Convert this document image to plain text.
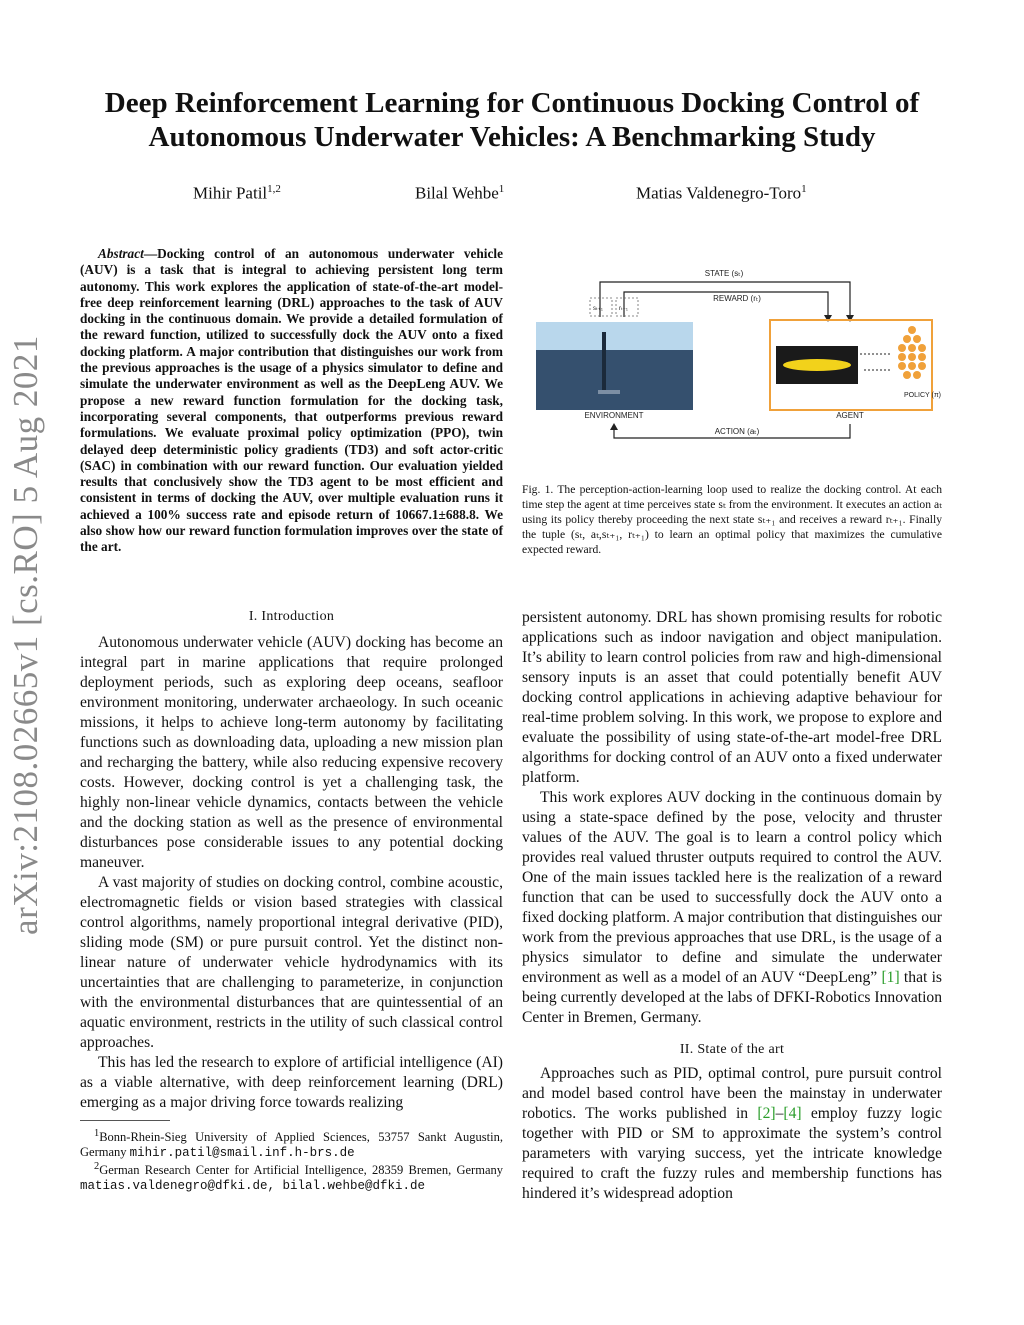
arXiv:2108.02665v1 [cs.RO] 5 Aug 2021
Deep Reinforcement Learning for Continuous Docking Control of
Autonomous Underwater Vehicles: A Benchmarking Study
Mihir Patil$^{1,2}$	Bilal Wehbe$^1$	Matias Valdenegro-Toro$^1$
Abstract—Docking control of an autonomous underwater vehicle (AUV) is a task that is integral to achieving persistent long term autonomy. This work explores the application of state-of-the-art model-free deep reinforcement learning (DRL) approaches to the task of AUV docking in the continuous domain. We provide a detailed formulation of the reward function, utilized to successfully dock the AUV onto a fixed docking platform. A major contribution that distinguishes our work from the previous approaches is the usage of a physics simulator to define and simulate the underwater environment as well as the DeepLeng AUV. We propose a new reward function formulation for the docking task, incorporating several components, that outperforms previous reward formulations. We evaluate proximal policy optimization (PPO), twin delayed deep deterministic policy gradients (TD3) and soft actor-critic (SAC) in combination with our reward function. Our evaluation yielded results that conclusively show the TD3 agent to be most efficient and consistent in terms of docking the AUV, over multiple evaluation runs it achieved a 100% success rate and episode return of 10667.1±688.8. We also show how our reward function formulation improves over the state of the art.
I. Introduction

Autonomous underwater vehicle (AUV) docking has become an integral part in marine applications that require prolonged deployment periods, such as exploring deep oceans, seafloor environment monitoring, underwater archaeology. In such oceanic missions, it helps to achieve long-term autonomy by facilitating functions such as downloading data, uploading a new mission plan and recharging the battery, while also reducing expensive recovery costs. However, docking control is yet a challenging task, the highly non-linear vehicle dynamics, contacts between the vehicle and the docking station as well as the presence of environmental disturbances pose considerable issues to any potential docking maneuver.

A vast majority of studies on docking control, combine acoustic, electromagnetic fields or vision based strategies with classical control algorithms, namely proportional integral derivative (PID), sliding mode (SM) or pure pursuit control. Yet the distinct non-linear nature of underwater vehicle hydrodynamics with its uncertainties that are challenging to parameterize, in conjunction with the environmental disturbances that are quintessential of an aquatic environment, restricts in the utility of such classical control approaches.

This has led the research to explore of artificial intelligence (AI) as a viable alternative, with deep reinforcement learning (DRL) emerging as a major driving force towards realizing

$^1$Bonn-Rhein-Sieg University of Applied Sciences, 53757 Sankt Augustin, Germany mihir.patil@smail.inf.h-brs.de
$^2$German Research Center for Artificial Intelligence, 28359 Bremen, Germany matias.valdenegro@dfki.de, bilal.wehbe@dfki.de
STATE (sₜ)
REWARD (rₜ)
sₜ₊₁	rₜ₊₁
ENVIRONMENT
POLICY (π)
AGENT
ACTION (aₜ)
Fig. 1. The perception-action-learning loop used to realize the docking control. At each time step the agent at time perceives state sₜ from the environment. It executes an action aₜ using its policy thereby proceeding the next state sₜ₊₁ and receives a reward rₜ₊₁. Finally the tuple (sₜ, aₜ,sₜ₊₁, rₜ₊₁) to learn an optimal policy that maximizes the cumulative expected reward.

persistent autonomy. DRL has shown promising results for robotic applications such as indoor navigation and object manipulation. It’s ability to learn control policies from raw and high-dimensional sensory inputs is an asset that could potentially benefit AUV docking control applications in achieving adaptive behaviour for real-time problem solving. In this work, we propose to explore and evaluate the possibility of using state-of-the-art model-free DRL algorithms for docking control of an AUV onto a fixed underwater platform.

This work explores AUV docking in the continuous domain by using a state-space defined by the pose, velocity and thruster values of the AUV. The goal is to learn a control policy which provides real valued thruster outputs required to control the AUV. One of the main issues tackled here is the realization of a reward function that can be used to successfully dock the AUV onto a fixed docking platform. A major contribution that distinguishes our work from the previous approaches that use DRL, is the usage of a physics simulator to define and simulate the underwater environment as well as a model of an AUV “DeepLeng” [1] that is being currently developed at the labs of DFKI-Robotics Innovation Center in Bremen, Germany.

II. State of the art

Approaches such as PID, optimal control, pure pursuit control and model based control have been the mainstay in underwater robotics. The works published in [2]–[4] employ fuzzy logic together with PID or SM to approximate the system’s control parameters with varying success, yet the intricate knowledge required to craft the fuzzy rules and membership functions has hindered it’s widespread adoption
